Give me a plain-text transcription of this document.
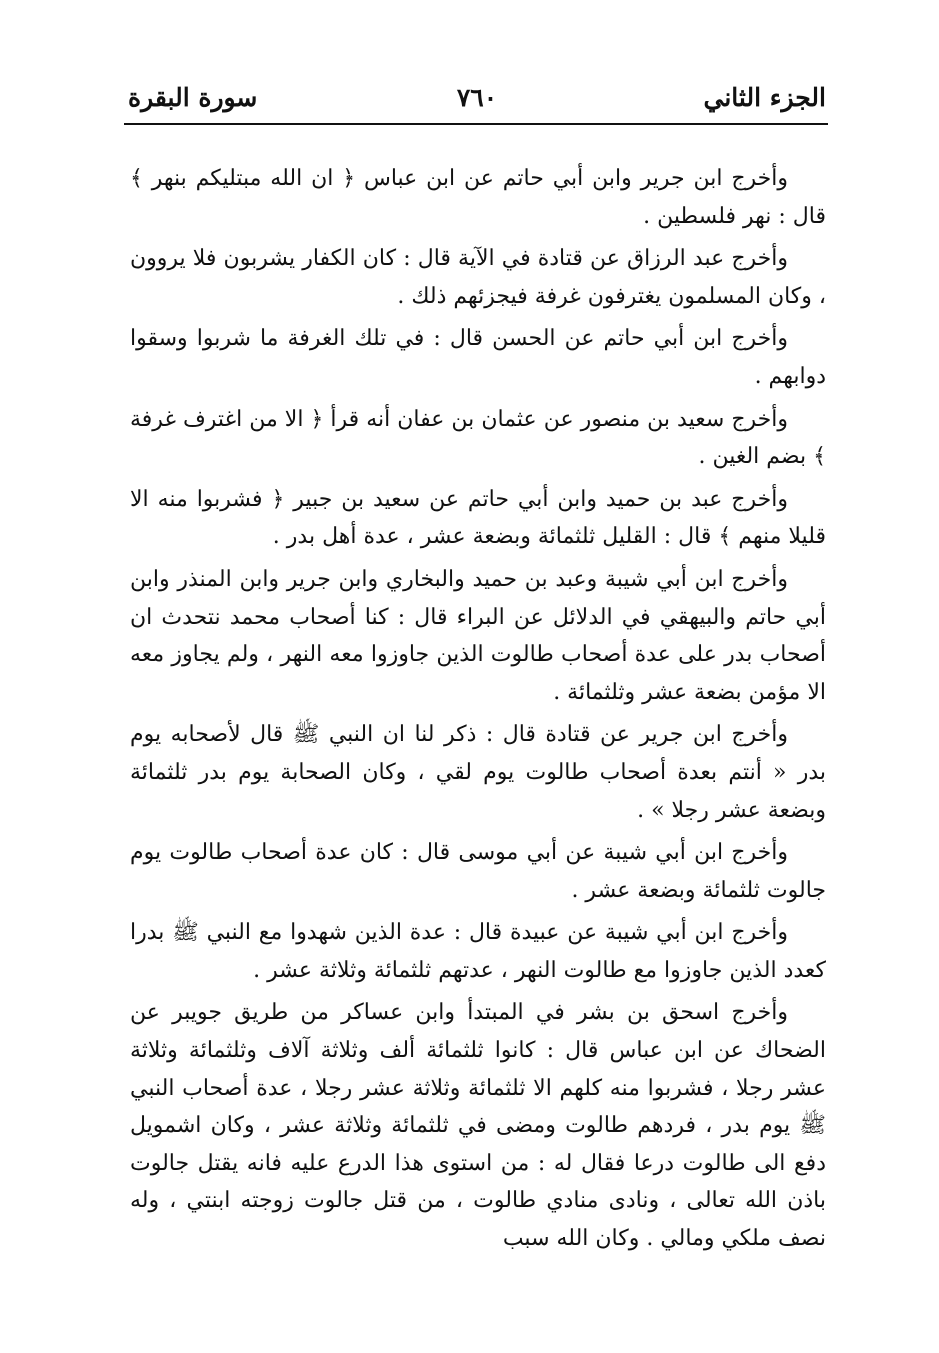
الجزء الثاني
٧٦٠
سورة البقرة

وأخرج ابن جرير وابن أبي حاتم عن ابن عباس ﴿ ان الله مبتليكم بنهر ﴾ قال : نهر فلسطين .

وأخرج عبد الرزاق عن قتادة في الآية قال : كان الكفار يشربون فلا يروون ، وكان المسلمون يغترفون غرفة فيجزئهم ذلك .

وأخرج ابن أبي حاتم عن الحسن قال : في تلك الغرفة ما شربوا وسقوا دوابهم .

وأخرج سعيد بن منصور عن عثمان بن عفان أنه قرأ ﴿ الا من اغترف غرفة ﴾ بضم الغين .

وأخرج عبد بن حميد وابن أبي حاتم عن سعيد بن جبير ﴿ فشربوا منه الا قليلا منهم ﴾ قال : القليل ثلثمائة وبضعة عشر ، عدة أهل بدر .

وأخرج ابن أبي شيبة وعبد بن حميد والبخاري وابن جرير وابن المنذر وابن أبي حاتم والبيهقي في الدلائل عن البراء قال : كنا أصحاب محمد نتحدث ان أصحاب بدر على عدة أصحاب طالوت الذين جاوزوا معه النهر ، ولم يجاوز معه الا مؤمن بضعة عشر وثلثمائة .

وأخرج ابن جرير عن قتادة قال : ذكر لنا ان النبي ﷺ قال لأصحابه يوم بدر « أنتم بعدة أصحاب طالوت يوم لقي ، وكان الصحابة يوم بدر ثلثمائة وبضعة عشر رجلا » .

وأخرج ابن أبي شيبة عن أبي موسى قال : كان عدة أصحاب طالوت يوم جالوت ثلثمائة وبضعة عشر .

وأخرج ابن أبي شيبة عن عبيدة قال : عدة الذين شهدوا مع النبي ﷺ بدرا كعدد الذين جاوزوا مع طالوت النهر ، عدتهم ثلثمائة وثلاثة عشر .

وأخرج اسحق بن بشر في المبتدأ وابن عساكر من طريق جويبر عن الضحاك عن ابن عباس قال : كانوا ثلثمائة ألف وثلاثة آلاف وثلثمائة وثلاثة عشر رجلا ، فشربوا منه كلهم الا ثلثمائة وثلاثة عشر رجلا ، عدة أصحاب النبي ﷺ يوم بدر ، فردهم طالوت ومضى في ثلثمائة وثلاثة عشر ، وكان اشمويل دفع الى طالوت درعا فقال له : من استوى هذا الدرع عليه فانه يقتل جالوت باذن الله تعالى ، ونادى منادي طالوت ، من قتل جالوت زوجته ابنتي ، وله نصف ملكي ومالي . وكان الله سبب
